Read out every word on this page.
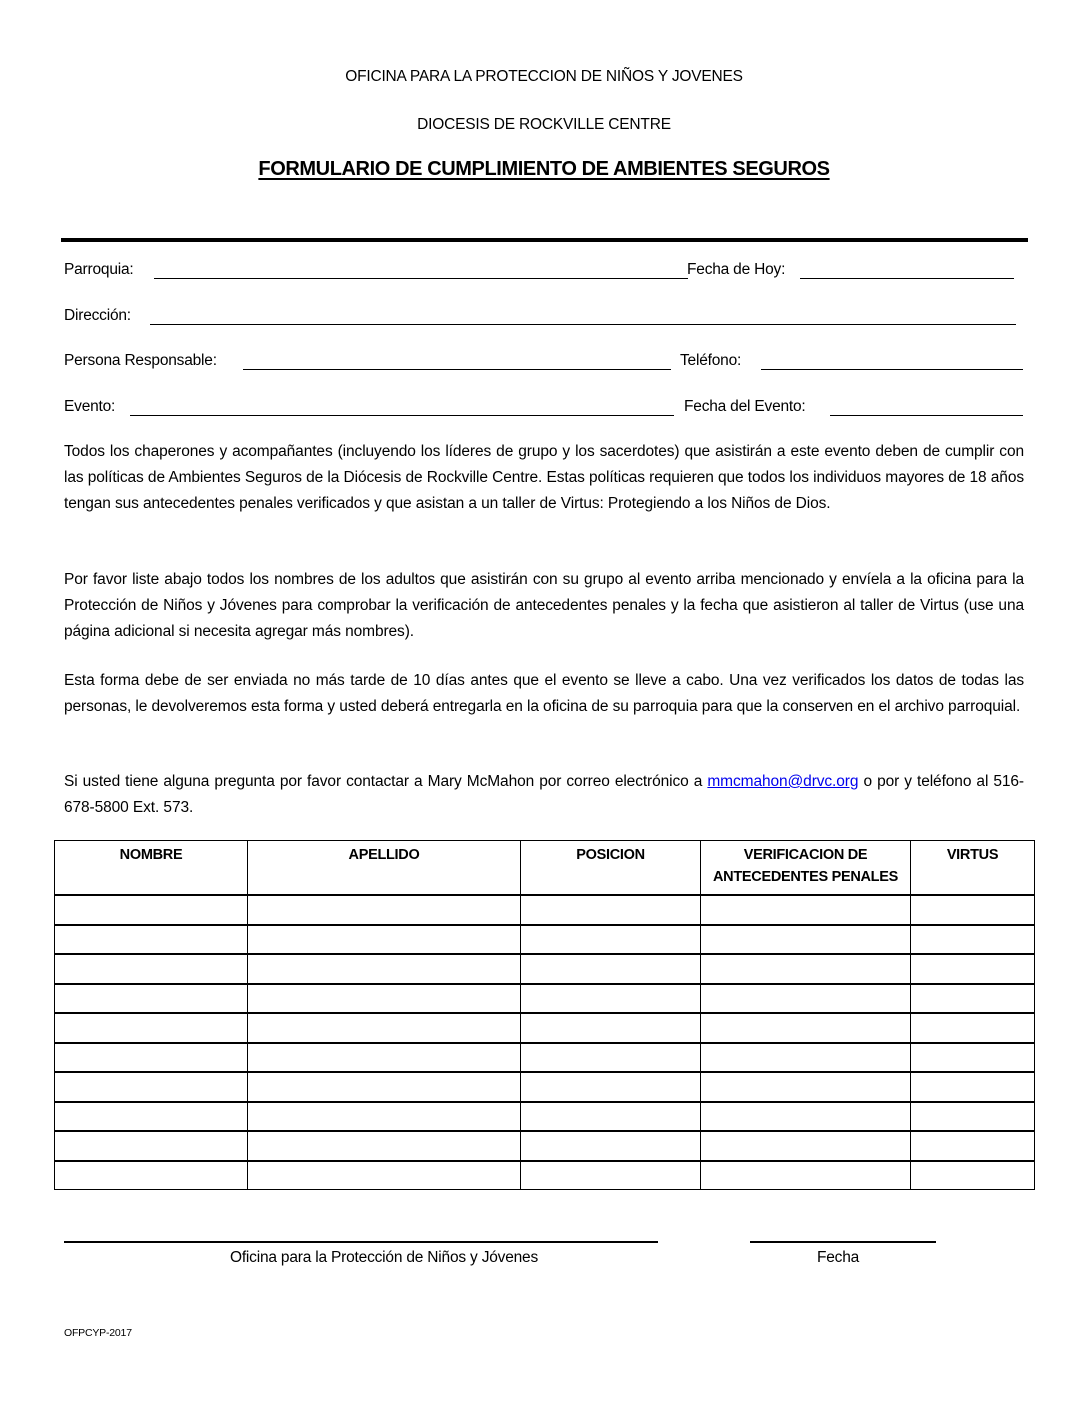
OFICINA PARA LA PROTECCION DE NIÑOS Y JOVENES
DIOCESIS DE ROCKVILLE CENTRE
FORMULARIO DE CUMPLIMIENTO DE AMBIENTES SEGUROS
Parroquia:	Fecha de Hoy:
Dirección:
Persona Responsable:	Teléfono:
Evento:	Fecha del Evento:
Todos los chaperones y acompañantes (incluyendo los líderes de grupo y los sacerdotes) que asistirán a este evento deben de cumplir con las políticas de Ambientes Seguros de la Diócesis de Rockville Centre. Estas políticas requieren que todos los individuos mayores de 18 años tengan sus antecedentes penales verificados y que asistan a un taller de Virtus: Protegiendo a los Niños de Dios.
Por favor liste abajo todos los nombres de los adultos que asistirán con su grupo al evento arriba mencionado y envíela a la oficina para la Protección de Niños y Jóvenes para comprobar la verificación de antecedentes penales y la fecha que asistieron al taller de Virtus (use una página adicional si necesita agregar más nombres).
Esta forma debe de ser enviada no más tarde de 10 días antes que el evento se lleve a cabo. Una vez verificados los datos de todas las personas, le devolveremos esta forma y usted deberá entregarla en la oficina de su parroquia para que la conserven en el archivo parroquial.
Si usted tiene alguna pregunta por favor contactar a Mary McMahon por correo electrónico a mmcmahon@drvc.org o por y teléfono al 516-678-5800 Ext. 573.
NOMBRE	APELLIDO	POSICION	VERIFICACION DE ANTECEDENTES PENALES	VIRTUS

Oficina para la Protección de Niños y Jóvenes	Fecha
OFPCYP-2017
